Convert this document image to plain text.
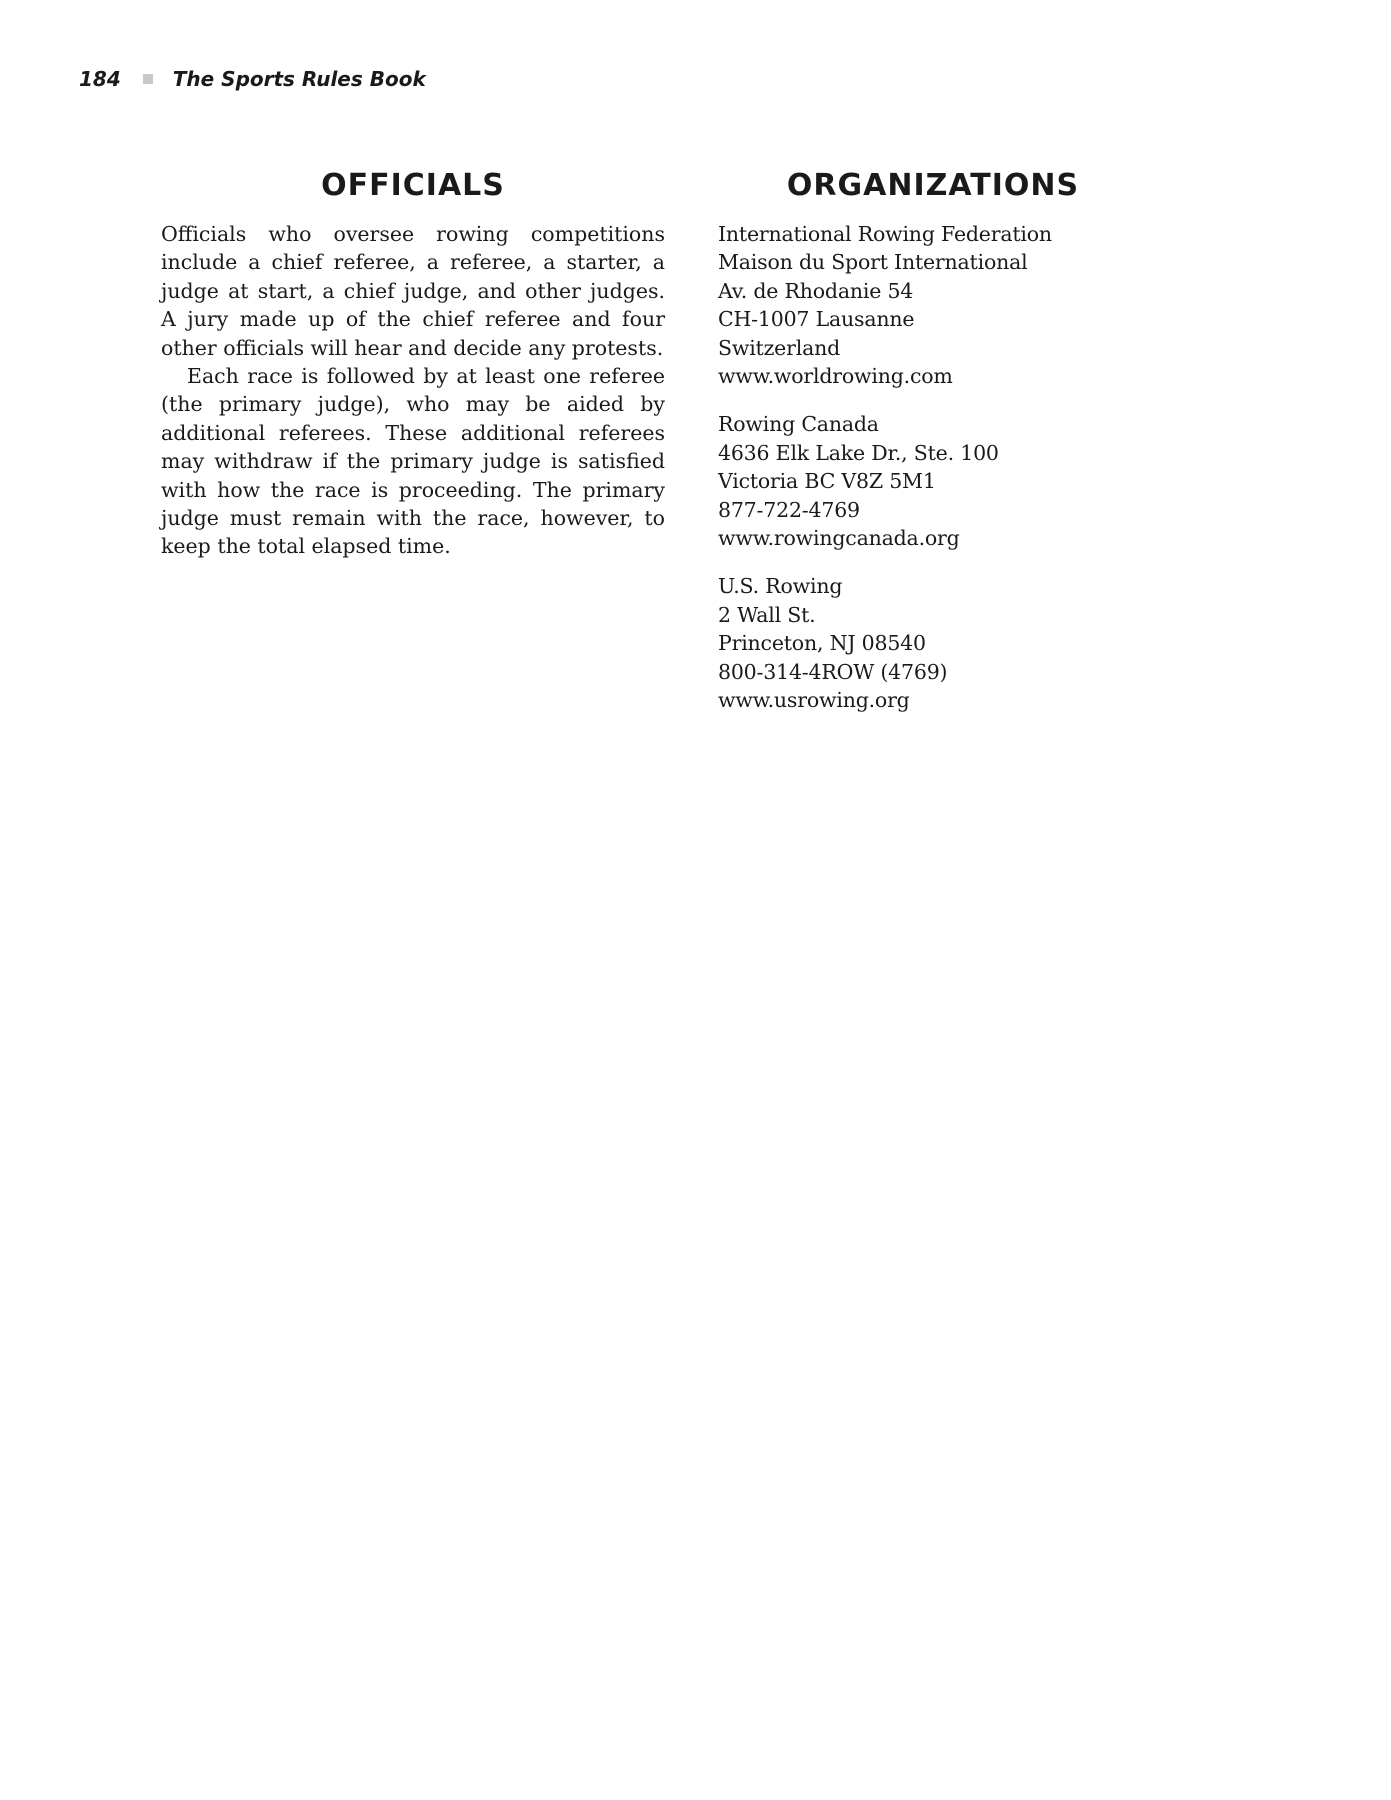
184	The Sports Rules Book
OFFICIALS

Officials who oversee rowing competitions include a chief referee, a referee, a starter, a judge at start, a chief judge, and other judges. A jury made up of the chief referee and four other officials will hear and decide any protests.

Each race is followed by at least one referee (the primary judge), who may be aided by additional referees. These additional referees may withdraw if the primary judge is satisfied with how the race is proceeding. The primary judge must remain with the race, however, to keep the total elapsed time.

ORGANIZATIONS
International Rowing Federation
Maison du Sport International
Av. de Rhodanie 54
CH-1007 Lausanne
Switzerland
www.worldrowing.com
Rowing Canada
4636 Elk Lake Dr., Ste. 100
Victoria BC V8Z 5M1
877-722-4769
www.rowingcanada.org
U.S. Rowing
2 Wall St.
Princeton, NJ 08540
800-314-4ROW (4769)
www.usrowing.org
